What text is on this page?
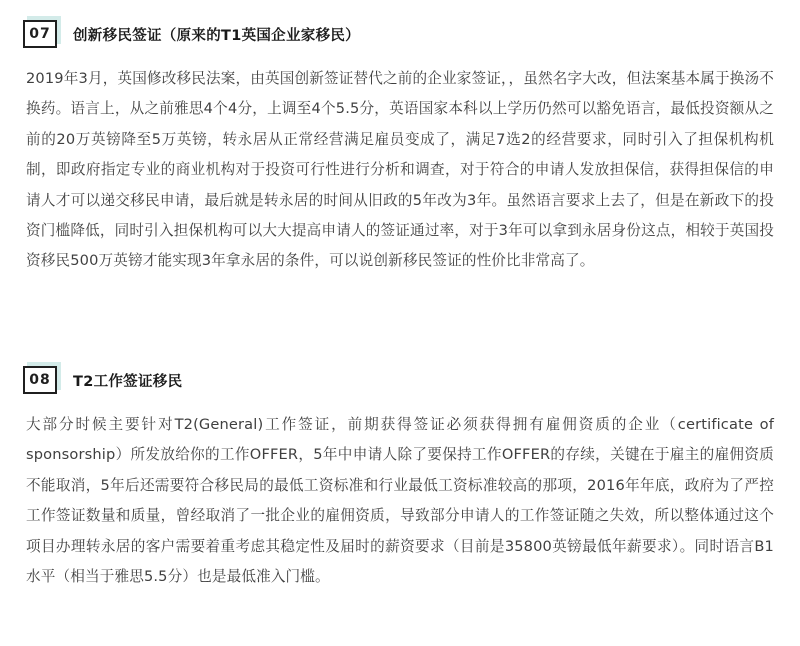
07	创新移民签证（原来的T1英国企业家移民）

2019年3月，英国修改移民法案，由英国创新签证替代之前的企业家签证，，虽然名字大改，但法案基本属于换汤不换药。语言上，从之前雅思4个4分，上调至4个5.5分，英语国家本科以上学历仍然可以豁免语言，最低投资额从之前的20万英镑降至5万英镑，转永居从正常经营满足雇员变成了，满足7选2的经营要求，同时引入了担保机构机制，即政府指定专业的商业机构对于投资可行性进行分析和调查，对于符合的申请人发放担保信，获得担保信的申请人才可以递交移民申请，最后就是转永居的时间从旧政的5年改为3年。虽然语言要求上去了，但是在新政下的投资门槛降低，同时引入担保机构可以大大提高申请人的签证通过率，对于3年可以拿到永居身份这点，相较于英国投资移民500万英镑才能实现3年拿永居的条件，可以说创新移民签证的性价比非常高了。

08	T2工作签证移民

大部分时候主要针对T2(General)工作签证，前期获得签证必须获得拥有雇佣资质的企业（certificate of sponsorship）所发放给你的工作OFFER，5年中申请人除了要保持工作OFFER的存续，关键在于雇主的雇佣资质不能取消，5年后还需要符合移民局的最低工资标准和行业最低工资标准较高的那项，2016年年底，政府为了严控工作签证数量和质量，曾经取消了一批企业的雇佣资质，导致部分申请人的工作签证随之失效，所以整体通过这个项目办理转永居的客户需要着重考虑其稳定性及届时的薪资要求（目前是35800英镑最低年薪要求）。同时语言B1水平（相当于雅思5.5分）也是最低准入门槛。
